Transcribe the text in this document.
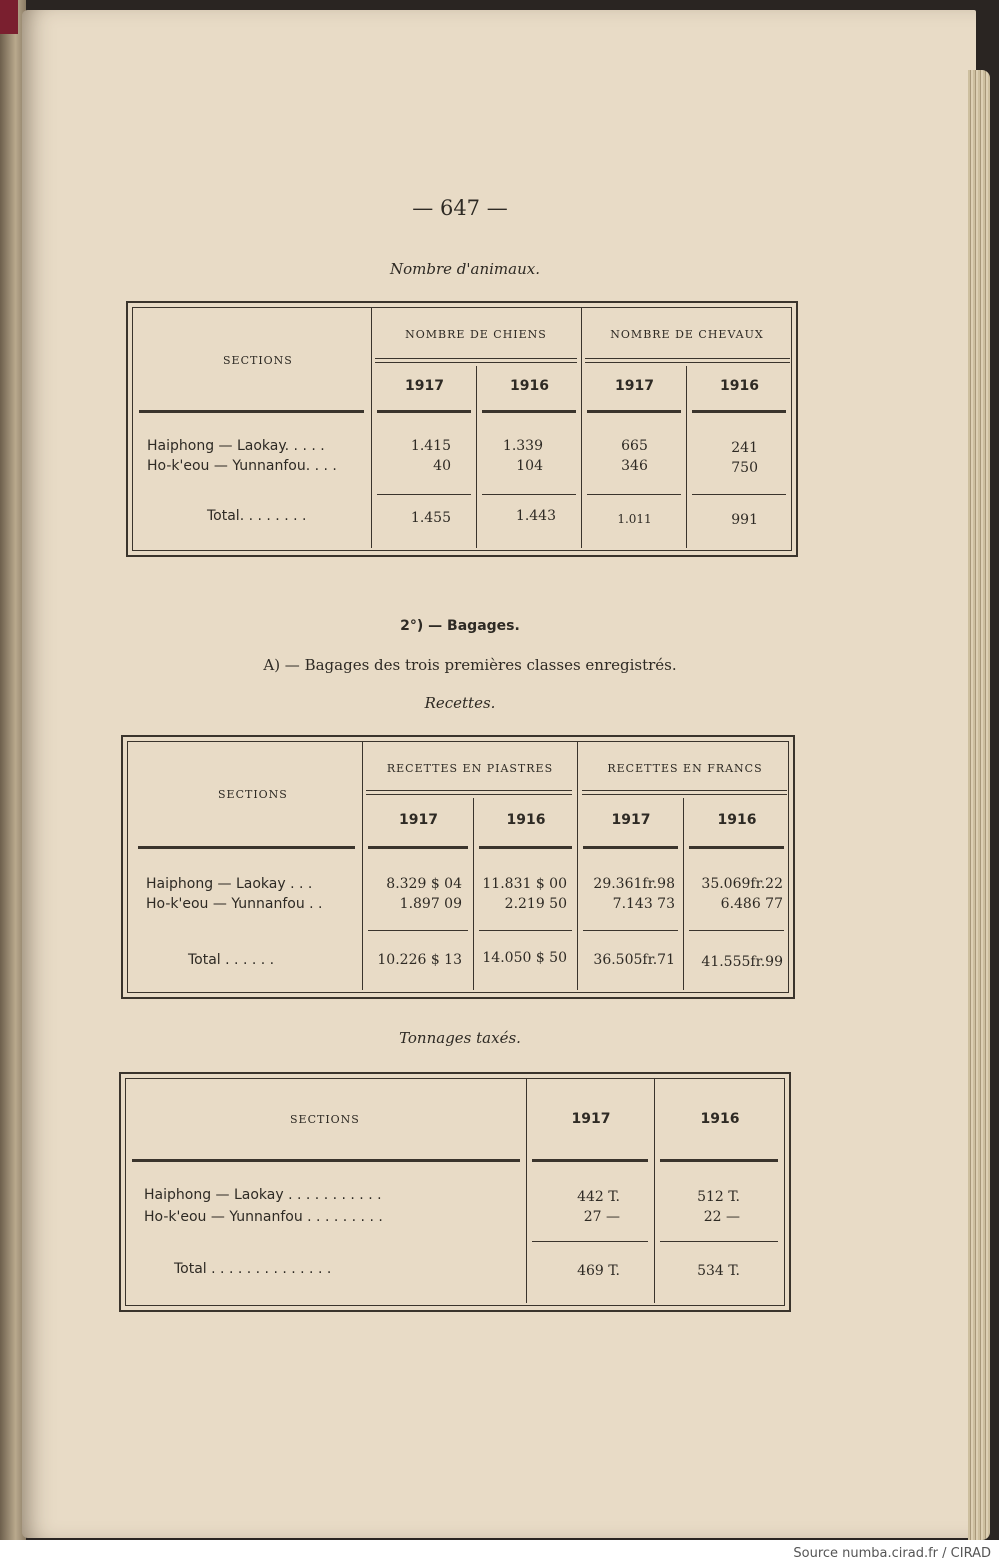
— 647 —
Nombre d'animaux.
SECTIONS
NOMBRE DE CHIENS	NOMBRE DE CHEVAUX
1917	1916	1917	1916
Haiphong — Laokay. . . . .	1.415	1.339	665	241
Ho-k'eou — Yunnanfou. . . .	40	104	346	750
Total. . . . . . . .	1.455	1.443	1.011	991
2°) — Bagages.
A) — Bagages des trois premières classes enregistrés.
Recettes.
SECTIONS
RECETTES EN PIASTRES	RECETTES EN FRANCS
1917	1916	1917	1916
Haiphong — Laokay . . .	8.329 $ 04	11.831 $ 00	29.361fr.98	35.069fr.22
Ho-k'eou — Yunnanfou . .	1.897 09	2.219 50	7.143 73	6.486 77
Total . . . . . .	10.226 $ 13	14.050 $ 50	36.505fr.71	41.555fr.99
Tonnages taxés.
SECTIONS	1917	1916
Haiphong — Laokay . . . . . . . . . . .	442 T.	512 T.
Ho-k'eou — Yunnanfou . . . . . . . . .	27 —	22 —
Total . . . . . . . . . . . . . .	469 T.	534 T.
Source numba.cirad.fr / CIRAD
